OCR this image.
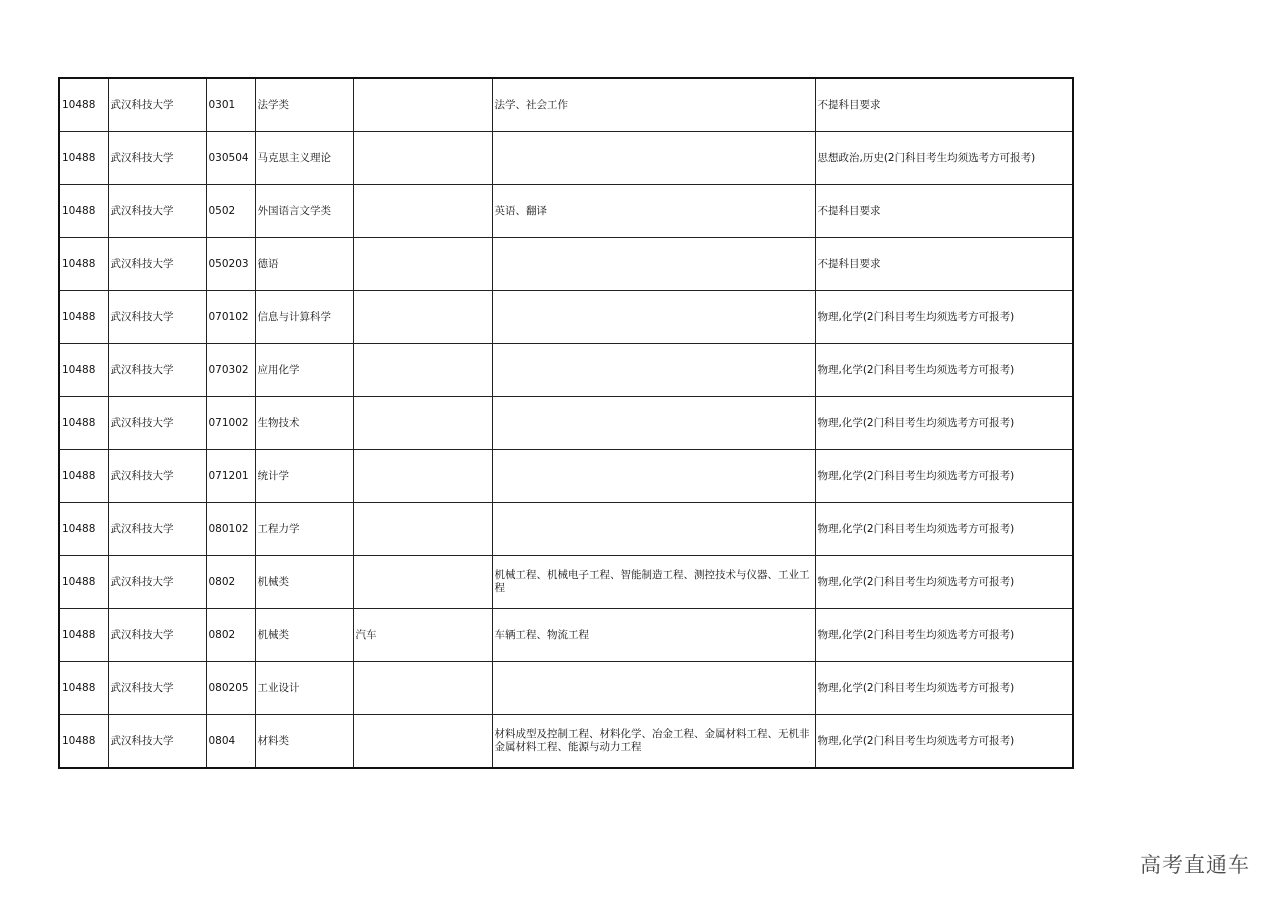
10488	武汉科技大学	0301	法学类		法学、社会工作	不提科目要求
10488	武汉科技大学	030504	马克思主义理论			思想政治,历史(2门科目考生均须选考方可报考)
10488	武汉科技大学	0502	外国语言文学类		英语、翻译	不提科目要求
10488	武汉科技大学	050203	德语			不提科目要求
10488	武汉科技大学	070102	信息与计算科学			物理,化学(2门科目考生均须选考方可报考)
10488	武汉科技大学	070302	应用化学			物理,化学(2门科目考生均须选考方可报考)
10488	武汉科技大学	071002	生物技术			物理,化学(2门科目考生均须选考方可报考)
10488	武汉科技大学	071201	统计学			物理,化学(2门科目考生均须选考方可报考)
10488	武汉科技大学	080102	工程力学			物理,化学(2门科目考生均须选考方可报考)
10488	武汉科技大学	0802	机械类		机械工程、机械电子工程、智能制造工程、测控技术与仪器、工业工程	物理,化学(2门科目考生均须选考方可报考)
10488	武汉科技大学	0802	机械类	汽车	车辆工程、物流工程	物理,化学(2门科目考生均须选考方可报考)
10488	武汉科技大学	080205	工业设计			物理,化学(2门科目考生均须选考方可报考)
10488	武汉科技大学	0804	材料类		材料成型及控制工程、材料化学、冶金工程、金属材料工程、无机非金属材料工程、能源与动力工程	物理,化学(2门科目考生均须选考方可报考)
高考直通车
